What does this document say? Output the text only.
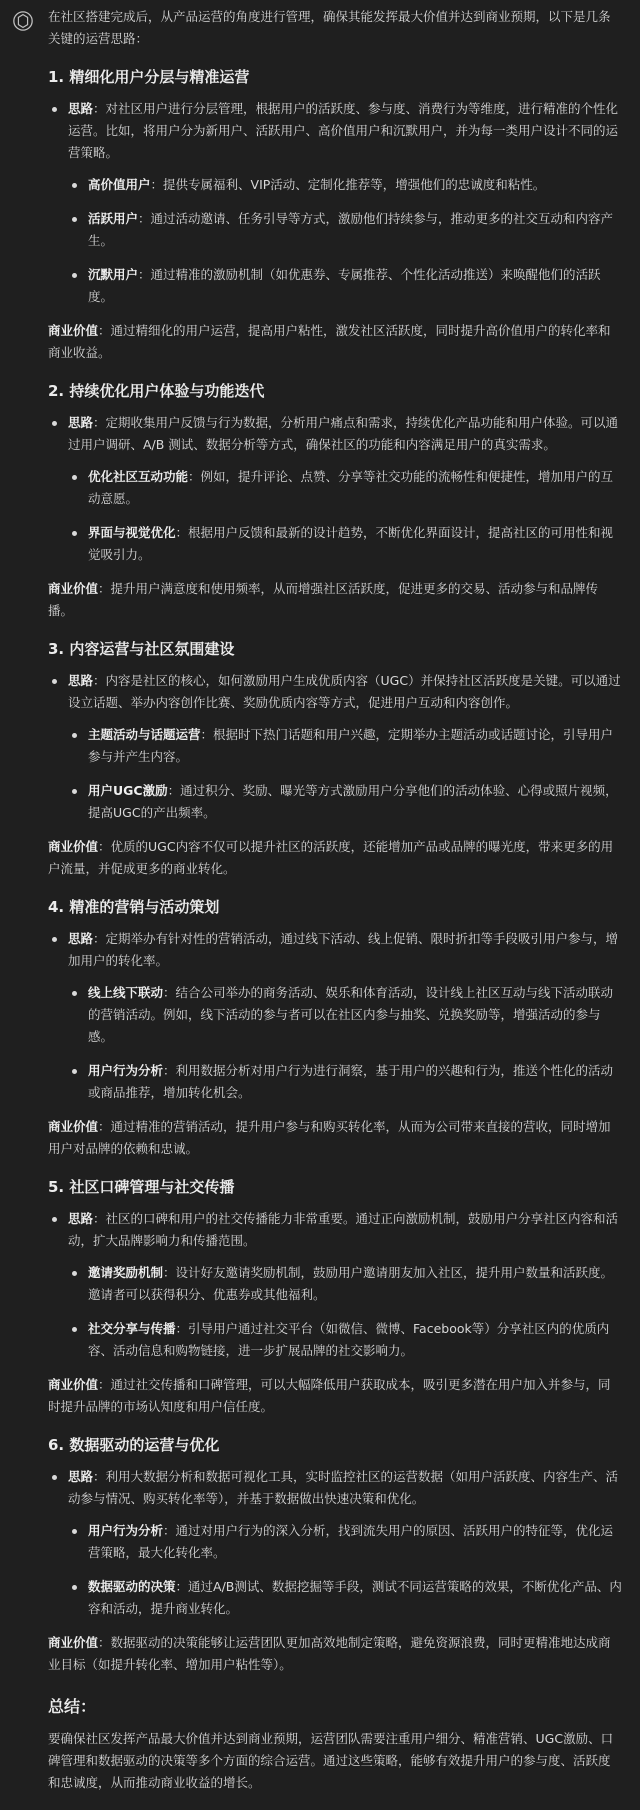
在社区搭建完成后，从产品运营的角度进行管理，确保其能发挥最大价值并达到商业预期，以下是几条关键的运营思路：

1. 精细化用户分层与精准运营
思路：对社区用户进行分层管理，根据用户的活跃度、参与度、消费行为等维度，进行精准的个性化运营。比如，将用户分为新用户、活跃用户、高价值用户和沉默用户，并为每一类用户设计不同的运营策略。
高价值用户：提供专属福利、VIP活动、定制化推荐等，增强他们的忠诚度和粘性。
活跃用户：通过活动邀请、任务引导等方式，激励他们持续参与，推动更多的社交互动和内容产生。
沉默用户：通过精准的激励机制（如优惠券、专属推荐、个性化活动推送）来唤醒他们的活跃度。

商业价值：通过精细化的用户运营，提高用户粘性，激发社区活跃度，同时提升高价值用户的转化率和商业收益。

2. 持续优化用户体验与功能迭代
思路：定期收集用户反馈与行为数据，分析用户痛点和需求，持续优化产品功能和用户体验。可以通过用户调研、A/B 测试、数据分析等方式，确保社区的功能和内容满足用户的真实需求。
优化社区互动功能：例如，提升评论、点赞、分享等社交功能的流畅性和便捷性，增加用户的互动意愿。
界面与视觉优化：根据用户反馈和最新的设计趋势，不断优化界面设计，提高社区的可用性和视觉吸引力。

商业价值：提升用户满意度和使用频率，从而增强社区活跃度，促进更多的交易、活动参与和品牌传播。

3. 内容运营与社区氛围建设
思路：内容是社区的核心，如何激励用户生成优质内容（UGC）并保持社区活跃度是关键。可以通过设立话题、举办内容创作比赛、奖励优质内容等方式，促进用户互动和内容创作。
主题活动与话题运营：根据时下热门话题和用户兴趣，定期举办主题活动或话题讨论，引导用户参与并产生内容。
用户UGC激励：通过积分、奖励、曝光等方式激励用户分享他们的活动体验、心得或照片视频，提高UGC的产出频率。

商业价值：优质的UGC内容不仅可以提升社区的活跃度，还能增加产品或品牌的曝光度，带来更多的用户流量，并促成更多的商业转化。

4. 精准的营销与活动策划
思路：定期举办有针对性的营销活动，通过线下活动、线上促销、限时折扣等手段吸引用户参与，增加用户的转化率。
线上线下联动：结合公司举办的商务活动、娱乐和体育活动，设计线上社区互动与线下活动联动的营销活动。例如，线下活动的参与者可以在社区内参与抽奖、兑换奖励等，增强活动的参与感。
用户行为分析：利用数据分析对用户行为进行洞察，基于用户的兴趣和行为，推送个性化的活动或商品推荐，增加转化机会。

商业价值：通过精准的营销活动，提升用户参与和购买转化率，从而为公司带来直接的营收，同时增加用户对品牌的依赖和忠诚。

5. 社区口碑管理与社交传播
思路：社区的口碑和用户的社交传播能力非常重要。通过正向激励机制，鼓励用户分享社区内容和活动，扩大品牌影响力和传播范围。
邀请奖励机制：设计好友邀请奖励机制，鼓励用户邀请朋友加入社区，提升用户数量和活跃度。邀请者可以获得积分、优惠券或其他福利。
社交分享与传播：引导用户通过社交平台（如微信、微博、Facebook等）分享社区内的优质内容、活动信息和购物链接，进一步扩展品牌的社交影响力。

商业价值：通过社交传播和口碑管理，可以大幅降低用户获取成本，吸引更多潜在用户加入并参与，同时提升品牌的市场认知度和用户信任度。

6. 数据驱动的运营与优化
思路：利用大数据分析和数据可视化工具，实时监控社区的运营数据（如用户活跃度、内容生产、活动参与情况、购买转化率等），并基于数据做出快速决策和优化。
用户行为分析：通过对用户行为的深入分析，找到流失用户的原因、活跃用户的特征等，优化运营策略，最大化转化率。
数据驱动的决策：通过A/B测试、数据挖掘等手段，测试不同运营策略的效果，不断优化产品、内容和活动，提升商业转化。

商业价值：数据驱动的决策能够让运营团队更加高效地制定策略，避免资源浪费，同时更精准地达成商业目标（如提升转化率、增加用户粘性等）。

总结：

要确保社区发挥产品最大价值并达到商业预期，运营团队需要注重用户细分、精准营销、UGC激励、口碑管理和数据驱动的决策等多个方面的综合运营。通过这些策略，能够有效提升用户的参与度、活跃度和忠诚度，从而推动商业收益的增长。
